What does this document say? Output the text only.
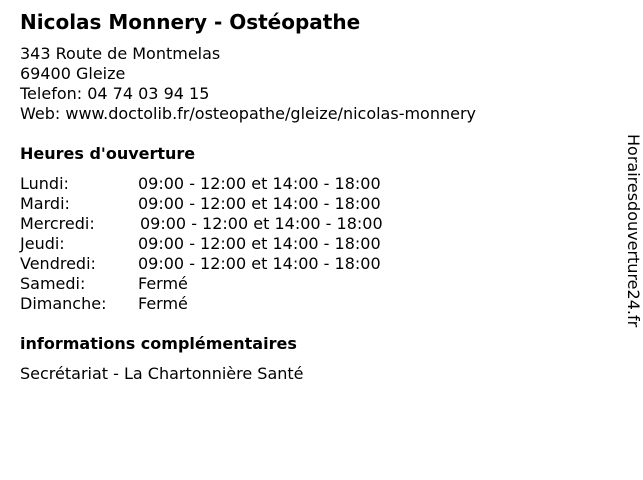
Nicolas Monnery - Ostéopathe
343 Route de Montmelas
69400 Gleize
Telefon: 04 74 03 94 15
Web: www.doctolib.fr/osteopathe/gleize/nicolas-monnery
Heures d'ouverture
Lundi:	09:00 - 12:00 et 14:00 - 18:00
Mardi:	09:00 - 12:00 et 14:00 - 18:00
Mercredi:	09:00 - 12:00 et 14:00 - 18:00
Jeudi:	09:00 - 12:00 et 14:00 - 18:00
Vendredi:	09:00 - 12:00 et 14:00 - 18:00
Samedi:	Fermé
Dimanche:	Fermé
informations complémentaires
Secrétariat - La Chartonnière Santé
Horairesdouverture24.fr
